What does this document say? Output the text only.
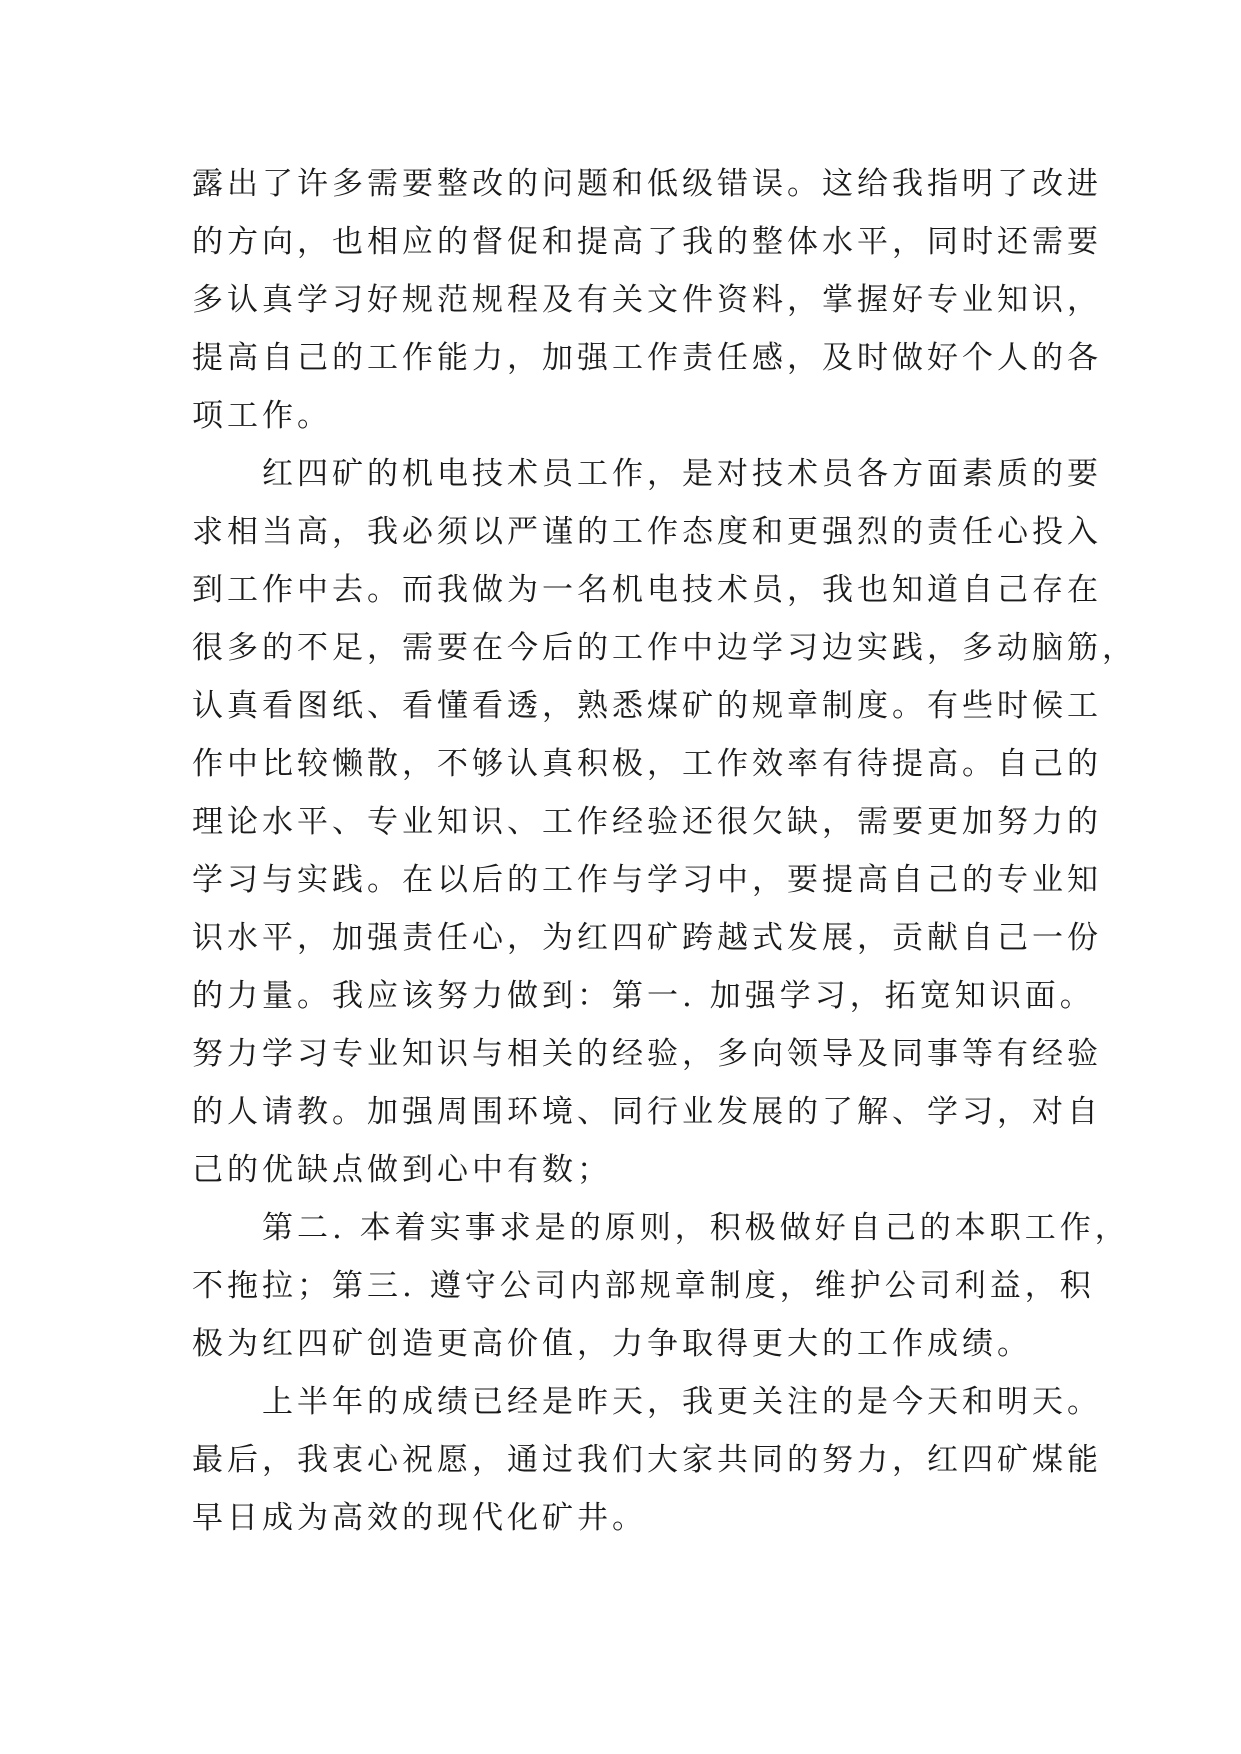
露出了许多需要整改的问题和低级错误。这给我指明了改进
的方向，也相应的督促和提高了我的整体水平，同时还需要
多认真学习好规范规程及有关文件资料，掌握好专业知识，
提高自己的工作能力，加强工作责任感，及时做好个人的各
项工作。
　　红四矿的机电技术员工作，是对技术员各方面素质的要
求相当高，我必须以严谨的工作态度和更强烈的责任心投入
到工作中去。而我做为一名机电技术员，我也知道自己存在
很多的不足，需要在今后的工作中边学习边实践，多动脑筋，
认真看图纸、看懂看透，熟悉煤矿的规章制度。有些时候工
作中比较懒散，不够认真积极，工作效率有待提高。自己的
理论水平、专业知识、工作经验还很欠缺，需要更加努力的
学习与实践。在以后的工作与学习中，要提高自己的专业知
识水平，加强责任心，为红四矿跨越式发展，贡献自己一份
的力量。我应该努力做到：第一. 加强学习，拓宽知识面。
努力学习专业知识与相关的经验，多向领导及同事等有经验
的人请教。加强周围环境、同行业发展的了解、学习，对自
己的优缺点做到心中有数；
　　第二. 本着实事求是的原则，积极做好自己的本职工作，
不拖拉；第三. 遵守公司内部规章制度，维护公司利益，积
极为红四矿创造更高价值，力争取得更大的工作成绩。
　　上半年的成绩已经是昨天，我更关注的是今天和明天。
最后，我衷心祝愿，通过我们大家共同的努力，红四矿煤能
早日成为高效的现代化矿井。
